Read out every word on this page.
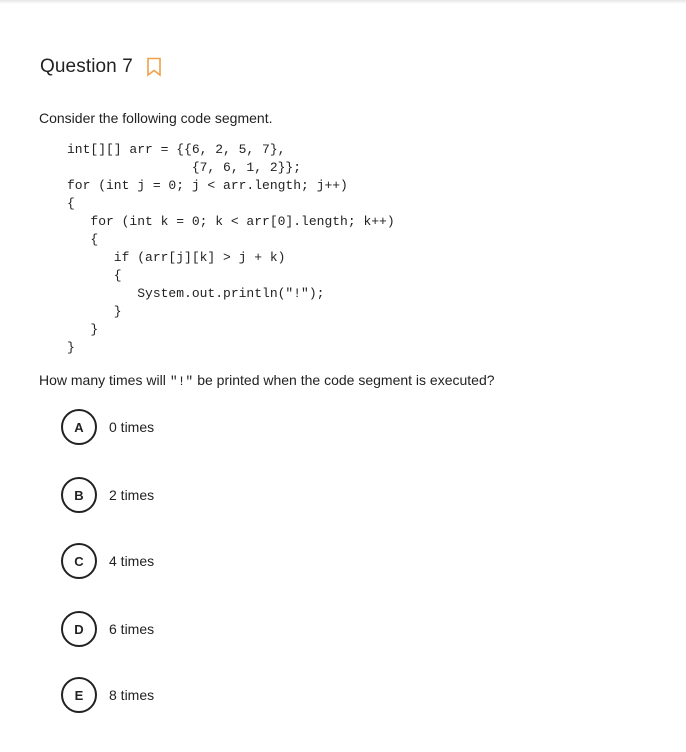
Question 7
Consider the following code segment.
int[][] arr = {{6, 2, 5, 7},
{7, 6, 1, 2}};
for (int j = 0; j < arr.length; j++)
{
for (int k = 0; k < arr[0].length; k++)
{
if (arr[j][k] > j + k)
{
System.out.println("!");
}
}
}
How many times will "!" be printed when the code segment is executed?
A	0 times
B	2 times
C	4 times
D	6 times
E	8 times
